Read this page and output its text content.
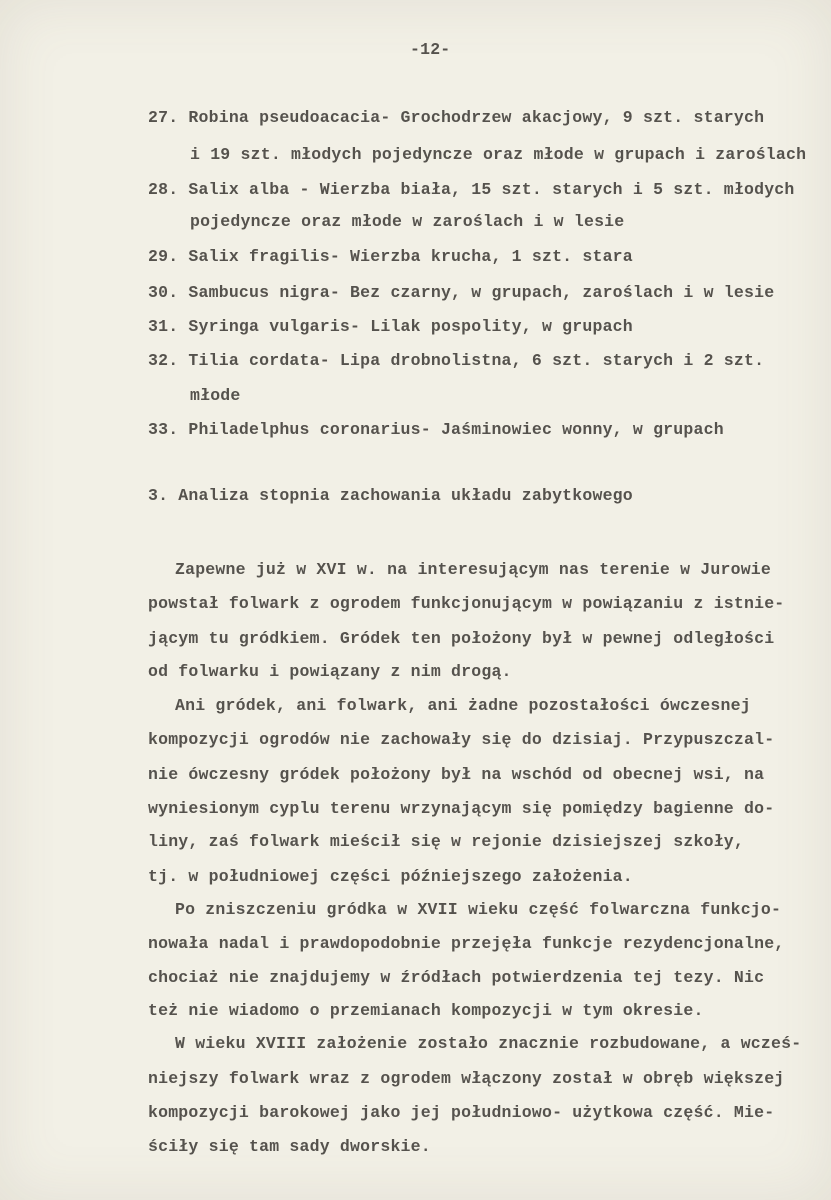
-12-
27. Robina pseudoacacia- Grochodrzew akacjowy, 9 szt. starych
i 19 szt. młodych pojedyncze oraz młode w grupach i zaroślach
28. Salix alba - Wierzba biała, 15 szt. starych i 5 szt. młodych
pojedyncze oraz młode w zaroślach i w lesie
29. Salix fragilis- Wierzba krucha, 1 szt. stara
30. Sambucus nigra- Bez czarny, w grupach, zaroślach i w lesie
31. Syringa vulgaris- Lilak pospolity, w grupach
32. Tilia cordata- Lipa drobnolistna, 6 szt. starych i 2 szt.
młode
33. Philadelphus coronarius- Jaśminowiec wonny, w grupach
3. Analiza stopnia zachowania układu zabytkowego
Zapewne już w XVI w. na interesującym nas terenie w Jurowie
powstał folwark z ogrodem funkcjonującym w powiązaniu z istnie-
jącym tu gródkiem. Gródek ten położony był w pewnej odległości
od folwarku i powiązany z nim drogą.
Ani gródek, ani folwark, ani żadne pozostałości ówczesnej
kompozycji ogrodów nie zachowały się do dzisiaj. Przypuszczal-
nie ówczesny gródek położony był na wschód od obecnej wsi, na
wyniesionym cyplu terenu wrzynającym się pomiędzy bagienne do-
liny, zaś folwark mieścił się w rejonie dzisiejszej szkoły,
tj. w południowej części późniejszego założenia.
Po zniszczeniu gródka w XVII wieku część folwarczna funkcjo-
nowała nadal i prawdopodobnie przejęła funkcje rezydencjonalne,
chociaż nie znajdujemy w źródłach potwierdzenia tej tezy. Nic
też nie wiadomo o przemianach kompozycji w tym okresie.
W wieku XVIII założenie zostało znacznie rozbudowane, a wcześ-
niejszy folwark wraz z ogrodem włączony został w obręb większej
kompozycji barokowej jako jej południowo- użytkowa część. Mie-
ściły się tam sady dworskie.
